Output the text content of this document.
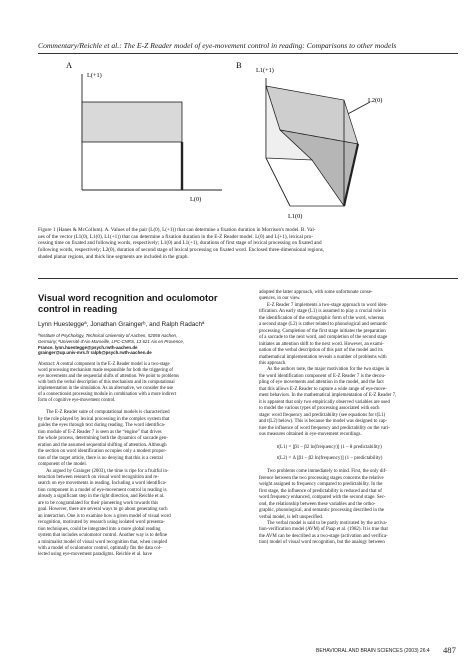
Commentary/Reichle et al.: The E-Z Reader model of eye-movement control in reading: Comparisons to other models
A
L(+1)
L(0)
B
L1(+1)
L2(0)
L1(0)
Figure 1 (Hanes & McCollum). A. Values of the pair (L(0), L(+1)) that can determine a fixation duration in Morrison's model. B. Val-
ues of the vector (L1(0), L1(0), L1(+1)) that can determine a fixation duration in the E-Z Reader model. L(0) and L(+1), lexical pro-
cessing time on fixated and following words, respectively; L1(0) and L1(+1), durations of first stage of lexical processing on fixated and
following words, respectively; L2(0), duration of second stage of lexical processing on fixated word. Enclosed three-dimensional regions,
shaded planar regions, and thick line segments are included in the graph.
Visual word recognition and oculomotor
control in reading
Lynn Huesteggeª, Jonathan Graingerᵇ, and Ralph Radachª
ªInstitute of Psychology, Technical University of Aachen, 52056 Aachen,
Germany; ᵇUniversité d'Aix-Marseille, LPC-CNRS, 13 621 Aix en Provence,
France. lynn.huestegge@psych.rwth-aachen.de
grainger@up.univ-mrs.fr ralph@psych.rwth-aachen.de
Abstract: A central component in the E-Z Reader model is a two-stage
word processing mechanism made responsible for both the triggering of
eye movements and the sequential shifts of attention. We point to problems
with both the verbal description of this mechanism and its computational
implementation in the simulation. As an alternative, we consider the use
of a connectionist processing module in combination with a more indirect
form of cognitive eye-movement control.
The E-Z Reader suite of computational models is characterized
by the role played by lexical processing in the complex system that
guides the eyes through text during reading. The word identifica-
tion module of E-Z Reader 7 is seen as the “engine” that drives
the whole process, determining both the dynamics of saccade gen-
eration and the assumed sequential shifting of attention. Although
the section on word identification occupies only a modest propor-
tion of the target article, there is no denying that this is a central
component of the model.
As argued by Grainger (2003), the time is ripe for a fruitful in-
teraction between research on visual word recognition and re-
search on eye movements in reading. Including a word identifica-
tion component in a model of eye-movement control in reading is
already a significant step in the right direction, and Reichle et al.
are to be congratulated for their pioneering work towards this
goal. However, there are several ways to go about generating such
an interaction. One is to examine how a given model of visual word
recognition, motivated by research using isolated word presenta-
tion techniques, could be integrated into a more global reading
system that includes oculomotor control. Another way is to define
a minimalist model of visual word recognition that, when coupled
with a model of oculomotor control, optimally fits the data col-
lected using eye-movement paradigms. Reichle et al. have
adopted the latter approach, with some unfortunate conse-
quences, in our view.
E-Z Reader 7 implements a two-stage approach to word iden-
tification. An early stage (L1) is assumed to play a crucial role in
the identification of the orthographic form of the word, whereas
a second stage (L2) is rather related to phonological and semantic
processing. Completion of the first stage initiates the preparation
of a saccade to the next word, and completion of the second stage
initiates an attention shift to the next word. However, an exami-
nation of the verbal description of this part of the model and its
mathematical implementation reveals a number of problems with
this approach.
As the authors note, the major motivation for the two stages in
the word identification component of E-Z Reader 7 is the decou-
pling of eye movements and attention in the model, and the fact
that this allows E-Z Reader to capture a wide range of eye-move-
ment behaviors. In the mathematical implementation of E-Z Reader 7,
it is apparent that only two empirically observed variables are used
to model the various types of processing associated with each
stage: word frequency and predictability (see equations for t(L1)
and t(L2) below). This is because the model was designed to cap-
ture the influence of word frequency and predictability on the vari-
ous measures obtained in eye-movement recordings.
t(L1) = [β1 – β2 ln(frequency)] (1 – θ predictability)
t(L2) = Δ [β1 – β2 ln(frequency)] (1 – predictability)
Two problems come immediately to mind. First, the only dif-
ference between the two processing stages concerns the relative
weight assigned to frequency compared to predictability. In the
first stage, the influence of predictability is reduced and that of
word frequency enhanced, compared with the second stage. Sec-
ond, the relationship between these variables and the ortho-
graphic, phonological, and semantic processing described in the
verbal model, is left unspecified.
The verbal model is said to be partly motivated by the activa-
tion-verification model (AVM) of Paap et al. (1982). It is true that
the AVM can be described as a two-stage (activation and verifica-
tion) model of visual word recognition, but the analogy between
BEHAVIORAL AND BRAIN SCIENCES (2003) 26:4 487
